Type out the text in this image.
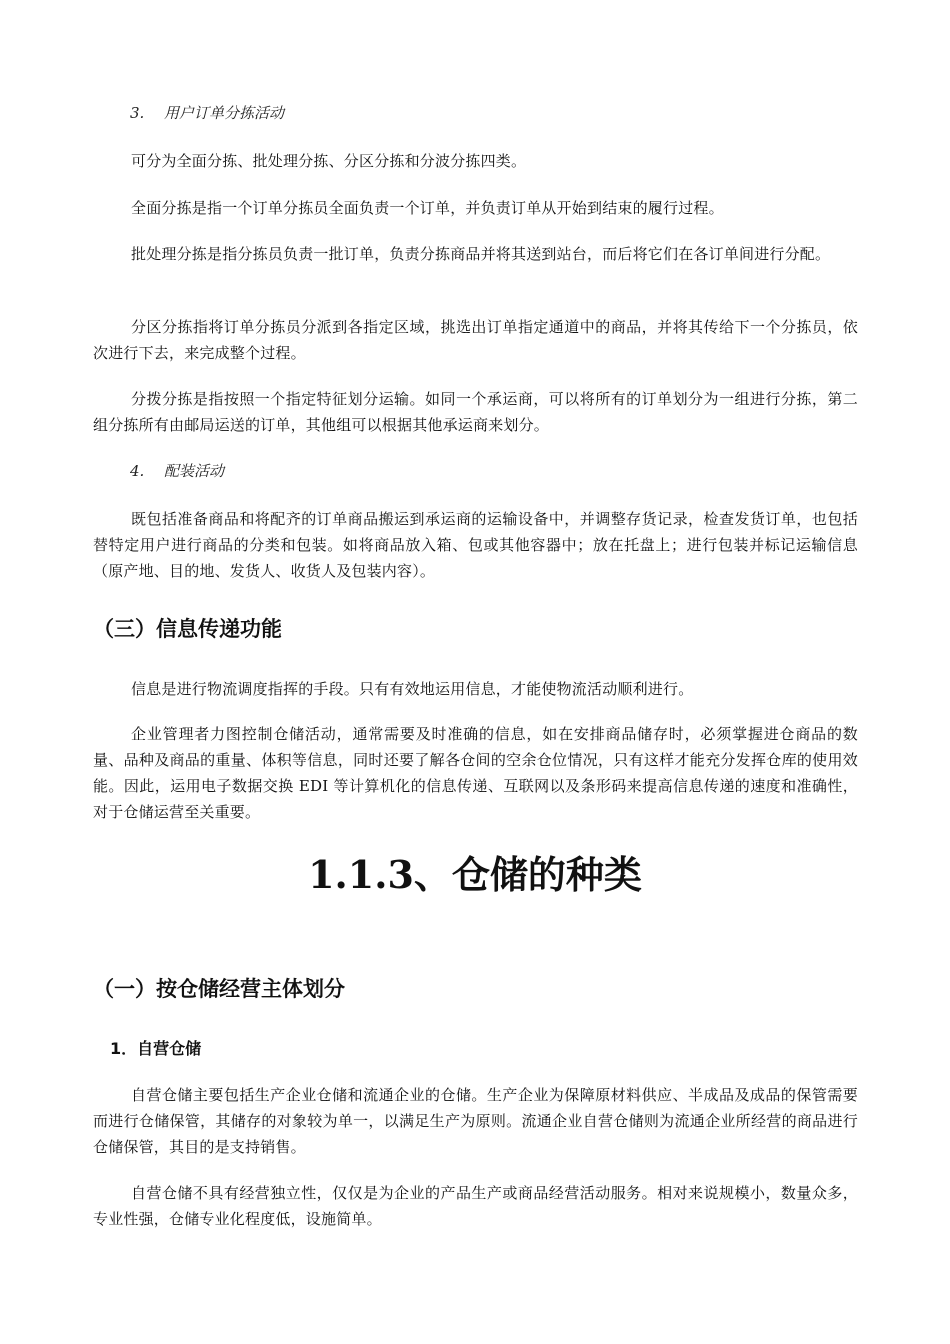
3. 用户订单分拣活动

可分为全面分拣、批处理分拣、分区分拣和分波分拣四类。

全面分拣是指一个订单分拣员全面负责一个订单，并负责订单从开始到结束的履行过程。

批处理分拣是指分拣员负责一批订单，负责分拣商品并将其送到站台，而后将它们在各订单间进行分配。

分区分拣指将订单分拣员分派到各指定区域，挑选出订单指定通道中的商品，并将其传给下一个分拣员，依次进行下去，来完成整个过程。

分拨分拣是指按照一个指定特征划分运输。如同一个承运商，可以将所有的订单划分为一组进行分拣，第二组分拣所有由邮局运送的订单，其他组可以根据其他承运商来划分。

4. 配装活动

既包括准备商品和将配齐的订单商品搬运到承运商的运输设备中，并调整存货记录，检查发货订单，也包括替特定用户进行商品的分类和包装。如将商品放入箱、包或其他容器中；放在托盘上；进行包装并标记运输信息（原产地、目的地、发货人、收货人及包装内容）。

（三）信息传递功能

信息是进行物流调度指挥的手段。只有有效地运用信息，才能使物流活动顺利进行。

企业管理者力图控制仓储活动，通常需要及时准确的信息，如在安排商品储存时，必须掌握进仓商品的数量、品种及商品的重量、体积等信息，同时还要了解各仓间的空余仓位情况，只有这样才能充分发挥仓库的使用效能。因此，运用电子数据交换 EDI 等计算机化的信息传递、互联网以及条形码来提高信息传递的速度和准确性，对于仓储运营至关重要。

1.1.3、仓储的种类
（一）按仓储经营主体划分
1．自营仓储

自营仓储主要包括生产企业仓储和流通企业的仓储。生产企业为保障原材料供应、半成品及成品的保管需要而进行仓储保管，其储存的对象较为单一，以满足生产为原则。流通企业自营仓储则为流通企业所经营的商品进行仓储保管，其目的是支持销售。

自营仓储不具有经营独立性，仅仅是为企业的产品生产或商品经营活动服务。相对来说规模小，数量众多，专业性强，仓储专业化程度低，设施简单。
